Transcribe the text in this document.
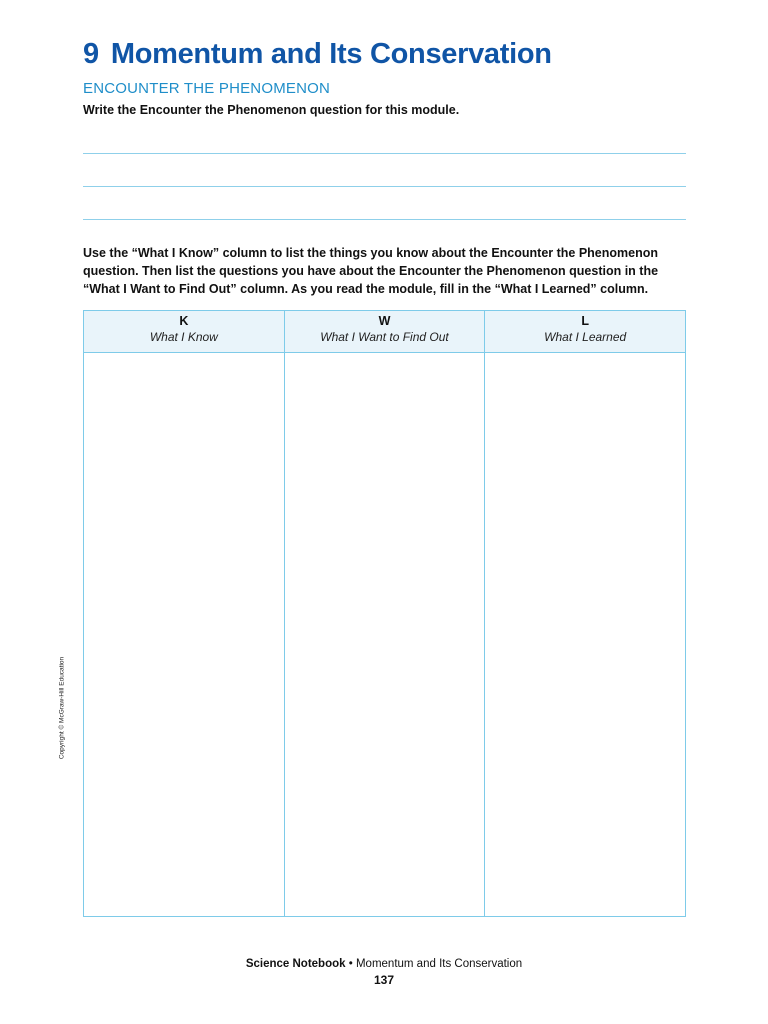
9 Momentum and Its Conservation
ENCOUNTER THE PHENOMENON
Write the Encounter the Phenomenon question for this module.
Use the “What I Know” column to list the things you know about the Encounter the Phenomenon question. Then list the questions you have about the Encounter the Phenomenon question in the “What I Want to Find Out” column. As you read the module, fill in the “What I Learned” column.
K
What I Know
W
What I Want to Find Out
L
What I Learned
Copyright © McGraw-Hill Education
Science Notebook • Momentum and Its Conservation
137
